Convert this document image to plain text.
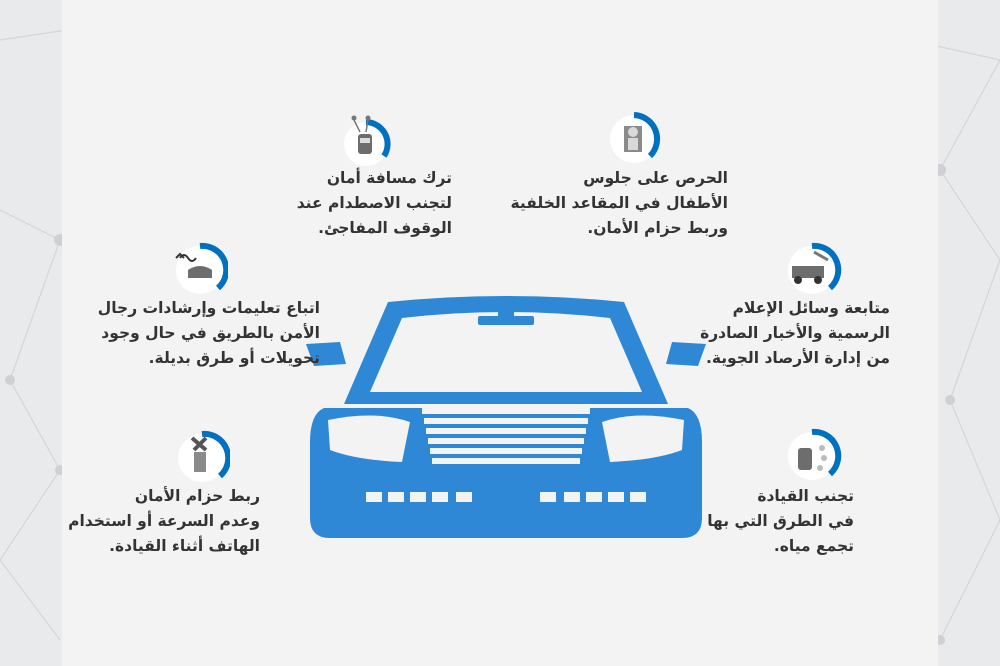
الحرص على جلوس
الأطفال في المقاعد الخلفية
وربط حزام الأمان.
ترك مسافة أمان
لتجنب الاصطدام عند
الوقوف المفاجئ.
اتباع تعليمات وإرشادات رجال
الأمن بالطريق في حال وجود
تحويلات أو طرق بديلة.
متابعة وسائل الإعلام
الرسمية والأخبار الصادرة
من إدارة الأرصاد الجوية.
ربط حزام الأمان
وعدم السرعة أو استخدام
الهاتف أثناء القيادة.
تجنب القيادة
في الطرق التي بها
تجمع مياه.
